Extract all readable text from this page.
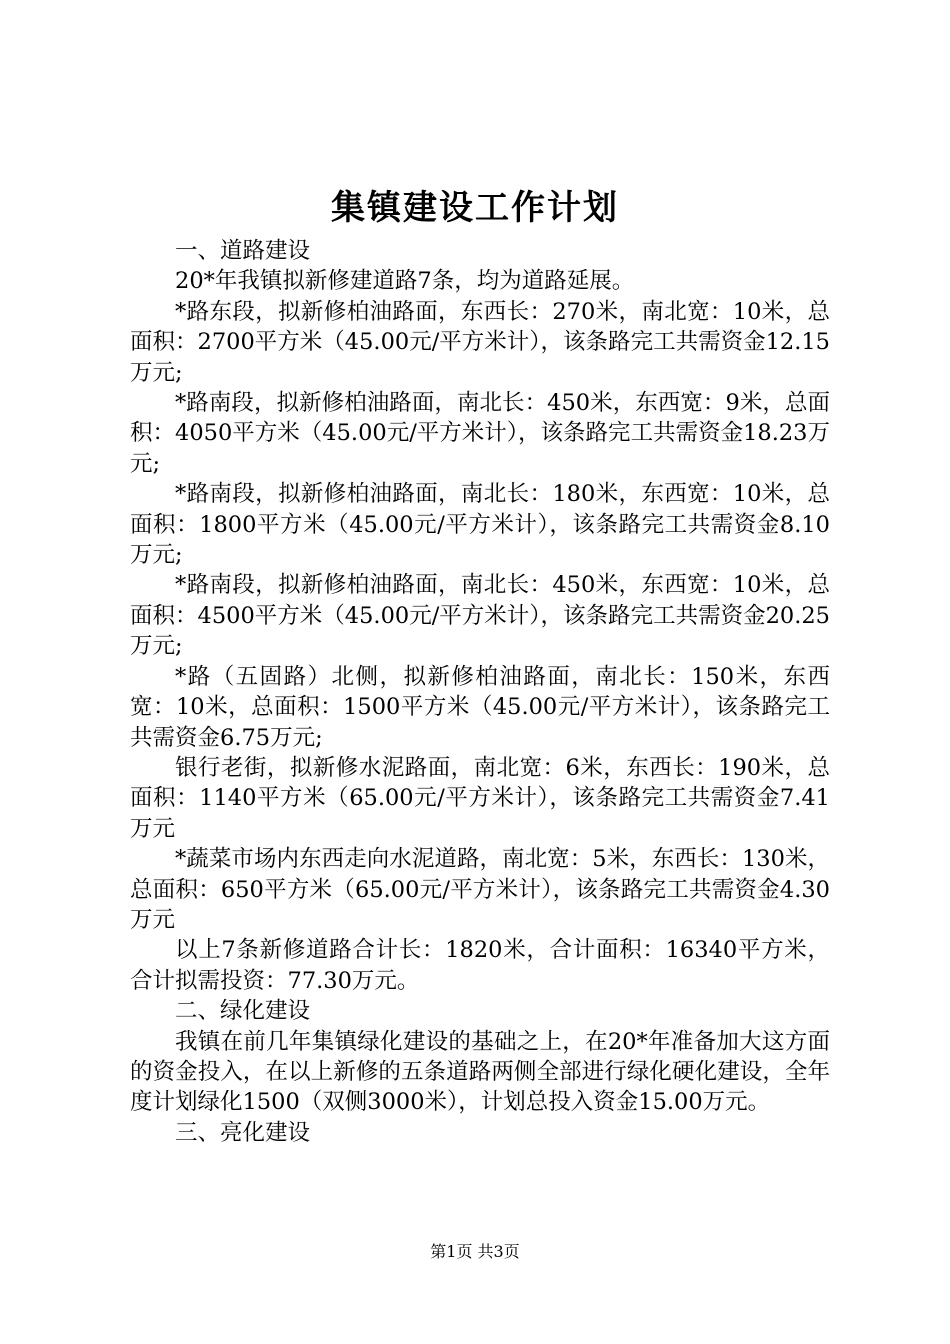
集镇建设工作计划

一、道路建设

20*年我镇拟新修建道路7条，均为道路延展。

*路东段，拟新修柏油路面，东西长：270米，南北宽：10米，总面积：2700平方米（45.00元/平方米计），该条路完工共需资金12.15万元;

*路南段，拟新修柏油路面，南北长：450米，东西宽：9米，总面积：4050平方米（45.00元/平方米计），该条路完工共需资金18.23万元;

*路南段，拟新修柏油路面，南北长：180米，东西宽：10米，总面积：1800平方米（45.00元/平方米计），该条路完工共需资金8.10万元;

*路南段，拟新修柏油路面，南北长：450米，东西宽：10米，总面积：4500平方米（45.00元/平方米计），该条路完工共需资金20.25万元;

*路（五固路）北侧，拟新修柏油路面，南北长：150米，东西宽：10米，总面积：1500平方米（45.00元/平方米计），该条路完工共需资金6.75万元;

银行老街，拟新修水泥路面，南北宽：6米，东西长：190米，总面积：1140平方米（65.00元/平方米计），该条路完工共需资金7.41万元

*蔬菜市场内东西走向水泥道路，南北宽：5米，东西长：130米，总面积：650平方米（65.00元/平方米计），该条路完工共需资金4.30万元

以上7条新修道路合计长：1820米，合计面积：16340平方米，合计拟需投资：77.30万元。

二、绿化建设

我镇在前几年集镇绿化建设的基础之上，在20*年准备加大这方面的资金投入，在以上新修的五条道路两侧全部进行绿化硬化建设，全年度计划绿化1500（双侧3000米），计划总投入资金15.00万元。

三、亮化建设

第1页 共3页
